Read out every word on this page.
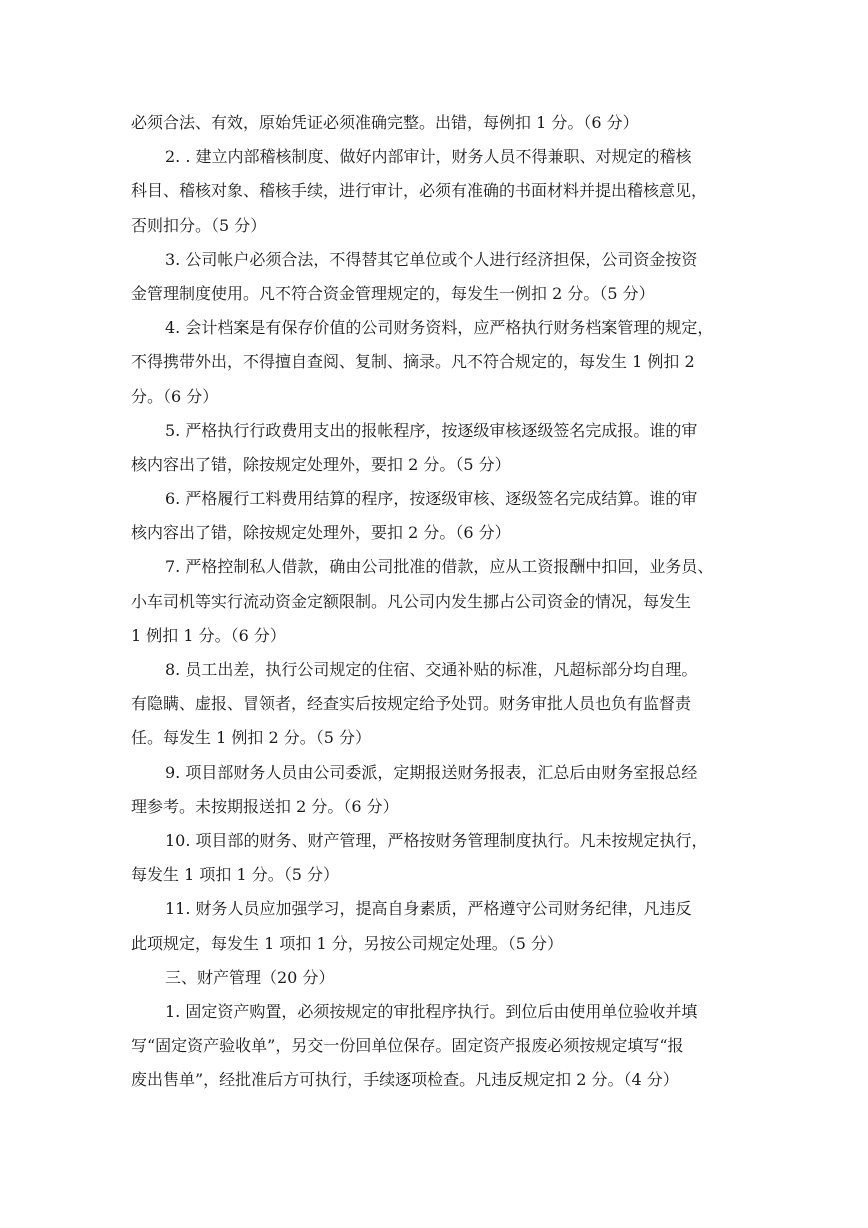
必须合法、有效，原始凭证必须准确完整。出错，每例扣 1 分。（6 分）
2. . 建立内部稽核制度、做好内部审计，财务人员不得兼职、对规定的稽核
科目、稽核对象、稽核手续，进行审计，必须有准确的书面材料并提出稽核意见，
否则扣分。（5 分）
3. 公司帐户必须合法，不得替其它单位或个人进行经济担保，公司资金按资
金管理制度使用。凡不符合资金管理规定的，每发生一例扣 2 分。（5 分）
4. 会计档案是有保存价值的公司财务资料，应严格执行财务档案管理的规定，
不得携带外出，不得擅自查阅、复制、摘录。凡不符合规定的，每发生 1 例扣 2
分。（6 分）
5. 严格执行行政费用支出的报帐程序，按逐级审核逐级签名完成报。谁的审
核内容出了错，除按规定处理外，要扣 2 分。（5 分）
6. 严格履行工料费用结算的程序，按逐级审核、逐级签名完成结算。谁的审
核内容出了错，除按规定处理外，要扣 2 分。（6 分）
7. 严格控制私人借款，确由公司批准的借款，应从工资报酬中扣回，业务员、
小车司机等实行流动资金定额限制。凡公司内发生挪占公司资金的情况，每发生
1 例扣 1 分。（6 分）
8. 员工出差，执行公司规定的住宿、交通补贴的标准，凡超标部分均自理。
有隐瞒、虚报、冒领者，经查实后按规定给予处罚。财务审批人员也负有监督责
任。每发生 1 例扣 2 分。（5 分）
9. 项目部财务人员由公司委派，定期报送财务报表，汇总后由财务室报总经
理参考。未按期报送扣 2 分。（6 分）
10. 项目部的财务、财产管理，严格按财务管理制度执行。凡未按规定执行，
每发生 1 项扣 1 分。（5 分）
11. 财务人员应加强学习，提高自身素质，严格遵守公司财务纪律，凡违反
此项规定，每发生 1 项扣 1 分，另按公司规定处理。（5 分）
三、财产管理（20 分）
1. 固定资产购置，必须按规定的审批程序执行。到位后由使用单位验收并填
写“固定资产验收单”，另交一份回单位保存。固定资产报废必须按规定填写“报
废出售单”，经批准后方可执行，手续逐项检查。凡违反规定扣 2 分。（4 分）
